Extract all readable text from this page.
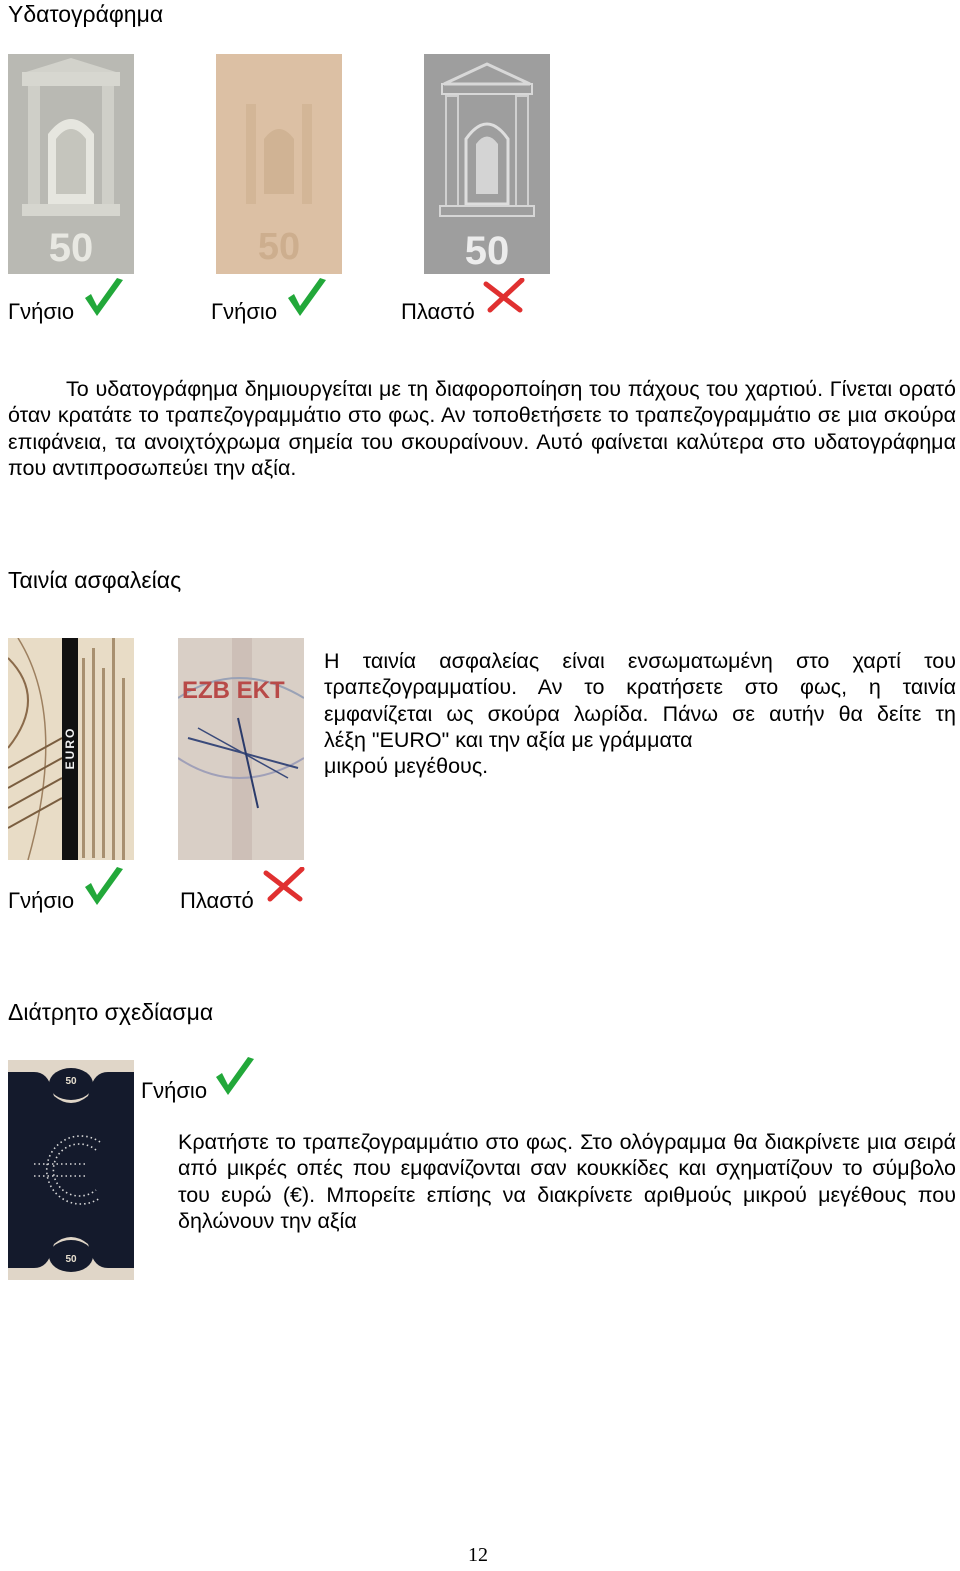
Υδατογράφημα
50	50	50
Γνήσιο	Γνήσιο	Πλαστό
Το υδατογράφημα δημιουργείται με τη διαφοροποίηση του πάχους του χαρτιού. Γίνεται ορατό όταν κρατάτε το τραπεζογραμμάτιο στο φως. Αν τοποθετήσετε το τραπεζογραμμάτιο σε μια σκούρα επιφάνεια, τα ανοιχτόχρωμα σημεία του σκουραίνουν. Αυτό φαίνεται καλύτερα στο υδατογράφημα που αντιπροσωπεύει την αξία.
Ταινία ασφαλείας
EURO
EZB EKT
Η ταινία ασφαλείας είναι ενσωματωμένη στο χαρτί του
τραπεζογραμματίου. Αν το κρατήσετε στο φως, η ταινία
εμφανίζεται ως σκούρα λωρίδα. Πάνω σε αυτήν θα δείτε τη
λέξη "EURO" και την αξία με γράμματα
μικρού μεγέθους.
Γνήσιο	Πλαστό
Διάτρητο σχεδίασμα
50
50
Γνήσιο
Κρατήστε το τραπεζογραμμάτιο στο φως. Στο ολόγραμμα θα διακρίνετε μια σειρά από μικρές οπές που εμφανίζονται σαν κουκκίδες και σχηματίζουν το σύμβολο του ευρώ (€). Μπορείτε επίσης να διακρίνετε αριθμούς μικρού μεγέθους που δηλώνουν την αξία
12
